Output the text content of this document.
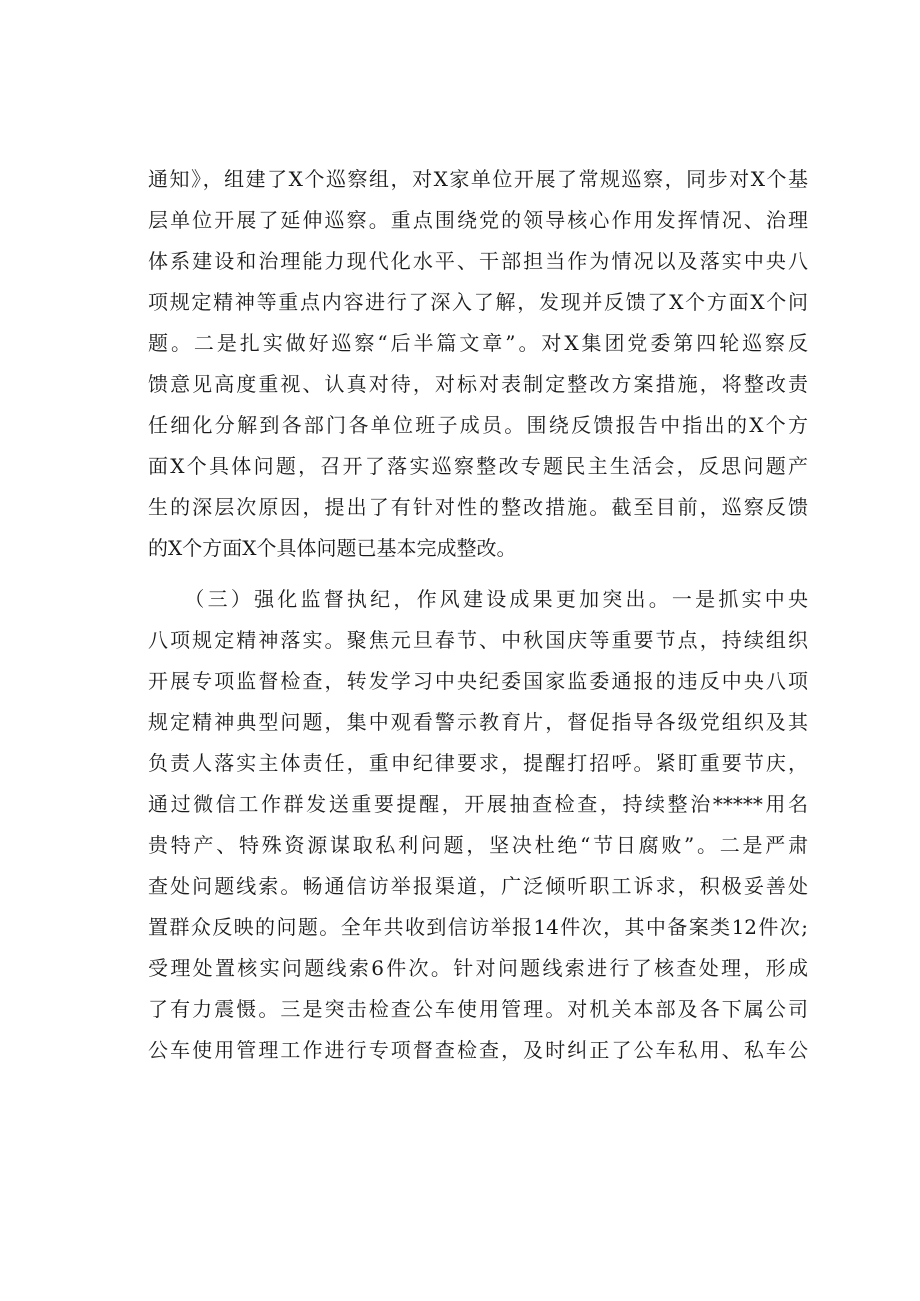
通知》，组建了X个巡察组，对X家单位开展了常规巡察，同步对X个基
层单位开展了延伸巡察。重点围绕党的领导核心作用发挥情况、治理
体系建设和治理能力现代化水平、干部担当作为情况以及落实中央八
项规定精神等重点内容进行了深入了解，发现并反馈了X个方面X个问
题。二是扎实做好巡察“后半篇文章”。对X集团党委第四轮巡察反
馈意见高度重视、认真对待，对标对表制定整改方案措施，将整改责
任细化分解到各部门各单位班子成员。围绕反馈报告中指出的X个方
面X个具体问题，召开了落实巡察整改专题民主生活会，反思问题产
生的深层次原因，提出了有针对性的整改措施。截至目前，巡察反馈
的X个方面X个具体问题已基本完成整改。
　　（三）强化监督执纪，作风建设成果更加突出。一是抓实中央
八项规定精神落实。聚焦元旦春节、中秋国庆等重要节点，持续组织
开展专项监督检查，转发学习中央纪委国家监委通报的违反中央八项
规定精神典型问题，集中观看警示教育片，督促指导各级党组织及其
负责人落实主体责任，重申纪律要求，提醒打招呼。紧盯重要节庆，
通过微信工作群发送重要提醒，开展抽查检查，持续整治*****用名
贵特产、特殊资源谋取私利问题，坚决杜绝“节日腐败”。二是严肃
查处问题线索。畅通信访举报渠道，广泛倾听职工诉求，积极妥善处
置群众反映的问题。全年共收到信访举报14件次，其中备案类12件次;
受理处置核实问题线索6件次。针对问题线索进行了核查处理，形成
了有力震慑。三是突击检查公车使用管理。对机关本部及各下属公司
公车使用管理工作进行专项督查检查，及时纠正了公车私用、私车公
